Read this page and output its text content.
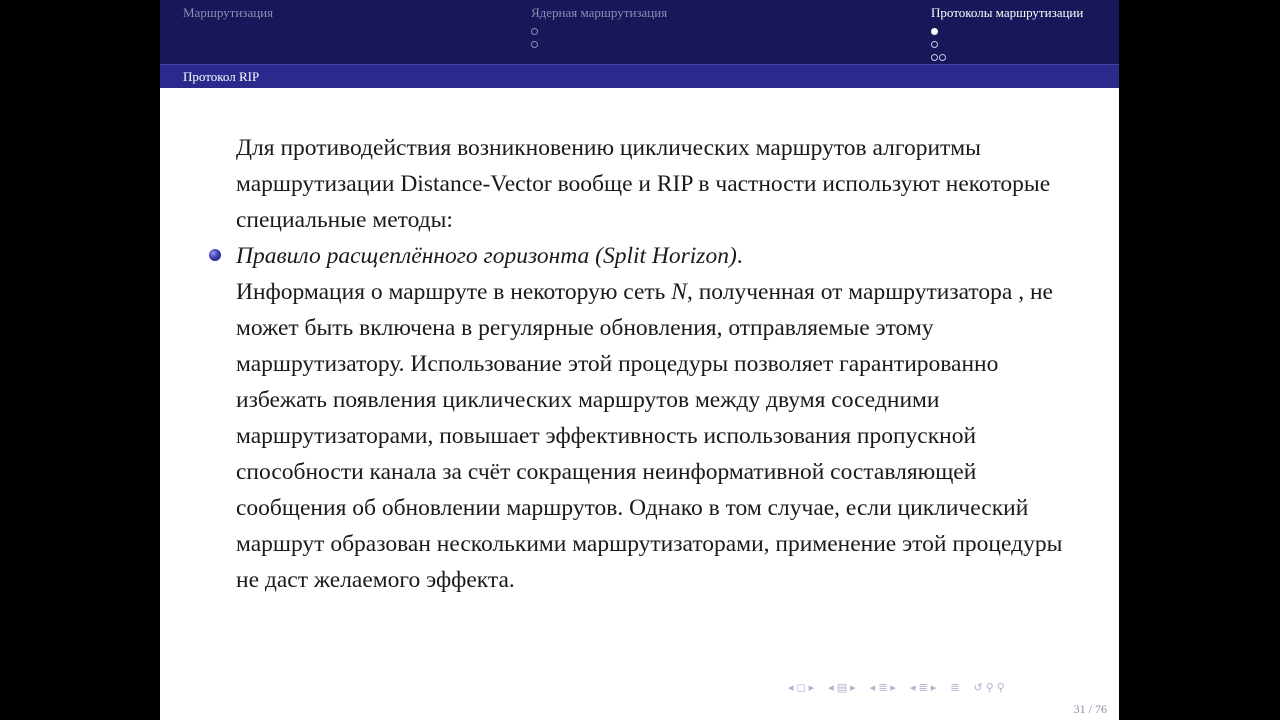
Маршрутизация	Ядерная маршрутизация	Протоколы маршрутизации
Протокол RIP

Для противодействия возникновению циклических маршрутов алгоритмы маршрутизации Distance-Vector вообще и RIP в частности используют некоторые специальные методы:

Правило расщеплённого горизонта (Split Horizon).

Информация о маршруте в некоторую сеть N, полученная от маршрутизатора , не может быть включена в регулярные обновления, отправляемые этому маршрутизатору. Использование этой процедуры позволяет гарантированно избежать появления циклических маршрутов между двумя соседними маршрутизаторами, повышает эффективность использования пропускной способности канала за счёт сокращения неинформативной составляющей сообщения об обновлении маршрутов. Однако в том случае, если циклический маршрут образован несколькими маршрутизаторами, применение этой процедуры не даст желаемого эффекта.

◂ ◻ ▸ ◂ ▤ ▸ ◂ ≣ ▸ ◂ ≣ ▸ ≣ ↺ ⚲ ⚲
31 / 76
